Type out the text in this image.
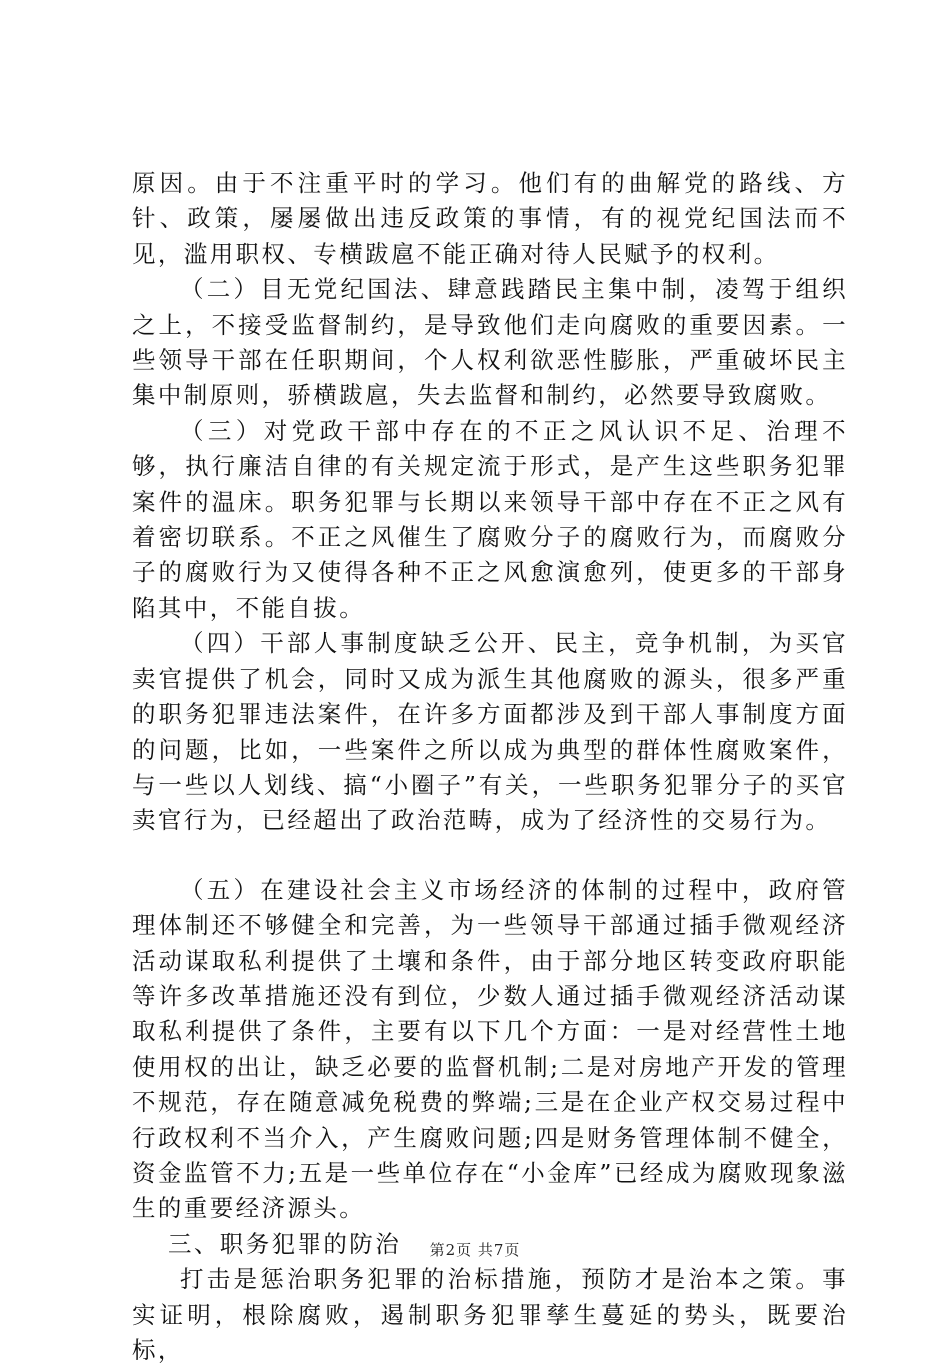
原因。由于不注重平时的学习。他们有的曲解党的路线、方针、政策，屡屡做出违反政策的事情，有的视党纪国法而不见，滥用职权、专横跋扈不能正确对待人民赋予的权利。

（二）目无党纪国法、肆意践踏民主集中制，凌驾于组织之上，不接受监督制约，是导致他们走向腐败的重要因素。一些领导干部在任职期间，个人权利欲恶性膨胀，严重破坏民主集中制原则，骄横跋扈，失去监督和制约，必然要导致腐败。

（三）对党政干部中存在的不正之风认识不足、治理不够，执行廉洁自律的有关规定流于形式，是产生这些职务犯罪案件的温床。职务犯罪与长期以来领导干部中存在不正之风有着密切联系。不正之风催生了腐败分子的腐败行为，而腐败分子的腐败行为又使得各种不正之风愈演愈列，使更多的干部身陷其中，不能自拔。

（四）干部人事制度缺乏公开、民主，竞争机制，为买官卖官提供了机会，同时又成为派生其他腐败的源头，很多严重的职务犯罪违法案件，在许多方面都涉及到干部人事制度方面的问题，比如，一些案件之所以成为典型的群体性腐败案件，与一些以人划线、搞“小圈子”有关，一些职务犯罪分子的买官卖官行为，已经超出了政治范畴，成为了经济性的交易行为。

（五）在建设社会主义市场经济的体制的过程中，政府管理体制还不够健全和完善，为一些领导干部通过插手微观经济活动谋取私利提供了土壤和条件，由于部分地区转变政府职能等许多改革措施还没有到位，少数人通过插手微观经济活动谋取私利提供了条件，主要有以下几个方面：一是对经营性土地使用权的出让，缺乏必要的监督机制;二是对房地产开发的管理不规范，存在随意减免税费的弊端;三是在企业产权交易过程中行政权利不当介入，产生腐败问题;四是财务管理体制不健全，资金监管不力;五是一些单位存在“小金库”已经成为腐败现象滋生的重要经济源头。

三、职务犯罪的防治

打击是惩治职务犯罪的治标措施，预防才是治本之策。事实证明，根除腐败，遏制职务犯罪孳生蔓延的势头，既要治标，

第2页 共7页
